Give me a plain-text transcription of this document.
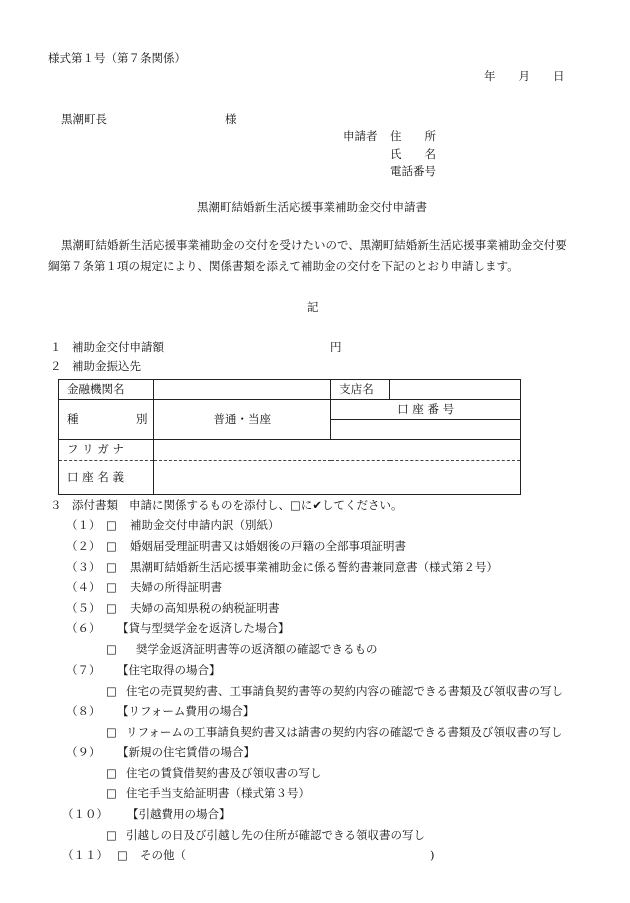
様式第１号（第７条関係）
年　　月　　日
黒潮町長	様
申請者 住　　所
氏　　名
電話番号
黒潮町結婚新生活応援事業補助金交付申請書
黒潮町結婚新生活応援事業補助金の交付を受けたいので、黒潮町結婚新生活応援事業補助金交付要
綱第７条第１項の規定により、関係書類を添えて補助金の交付を下記のとおり申請します。
記
１ 補助金交付申請額	円
２ 補助金振込先
金融機関名		支店名	
種　　　別	普通・当座	口 座 番 号	

フ リ ガ ナ			
口 座 名 義			
３ 添付書類 申請に関係するものを添付し、□に✔してください。
（１） □ 補助金交付申請内訳（別紙）
（２） □ 婚姻届受理証明書又は婚姻後の戸籍の全部事項証明書
（３） □ 黒潮町結婚新生活応援事業補助金に係る誓約書兼同意書（様式第２号）
（４） □ 夫婦の所得証明書
（５） □ 夫婦の高知県税の納税証明書
（６） 【貸与型奨学金を返済した場合】
□ 奨学金返済証明書等の返済額の確認できるもの
（７） 【住宅取得の場合】
□ 住宅の売買契約書、工事請負契約書等の契約内容の確認できる書類及び領収書の写し
（８） 【リフォーム費用の場合】
□ リフォームの工事請負契約書又は請書の契約内容の確認できる書類及び領収書の写し
（９） 【新規の住宅賃借の場合】
□ 住宅の賃貸借契約書及び領収書の写し
□ 住宅手当支給証明書（様式第３号）
（１０） 【引越費用の場合】
□ 引越しの日及び引越し先の住所が確認できる領収書の写し
（１１） □ その他（	)
